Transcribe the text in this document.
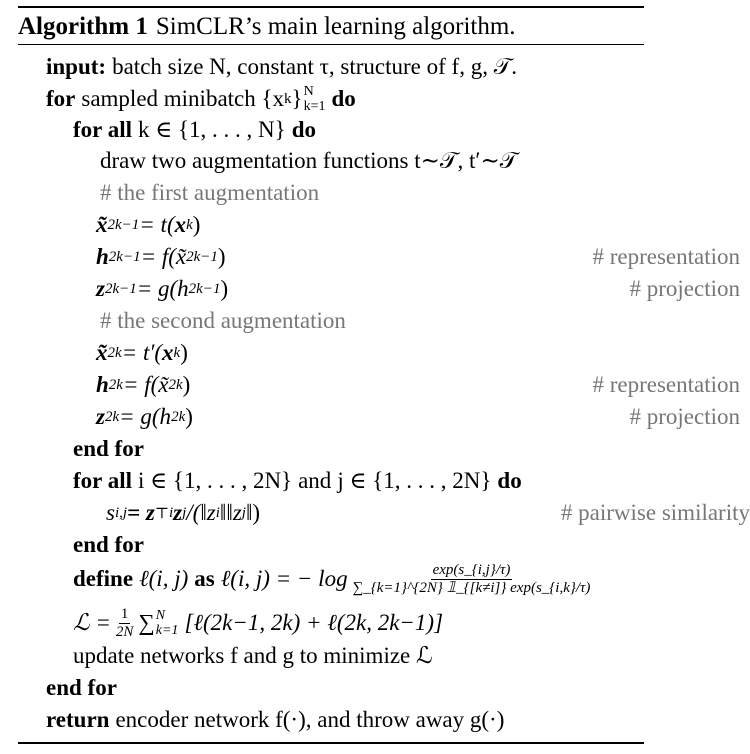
Algorithm 1 SimCLR’s main learning algorithm.
input: batch size N, constant τ, structure of f, g, 𝒯.
for sampled minibatch {x k } N
k=1 do
for all k ∈ {1, . . . , N} do
draw two augmentation functions t∼𝒯, t′∼𝒯
# the first augmentation
x̃ 2k−1 = t( x k )
h 2k−1 = f(x̃ 2k−1 )	# representation
z 2k−1 = g(h 2k−1 )	# projection
# the second augmentation
x̃ 2k = t′( x k )
h 2k = f(x̃ 2k )	# representation
z 2k = g(h 2k )	# projection
end for
for all i ∈ {1, . . . , 2N} and j ∈ {1, . . . , 2N} do
s i,j = z ⊤ i z j /(‖z i ‖‖z j ‖)	# pairwise similarity
end for
define ℓ(i, j) as ℓ(i, j) = − $\log \frac{\exp(s\_\{i,j\}/\tau)}{\sum\_\{k=1\}\^{}\{2N\} 𝟙\_\{[k\ne i]\} \exp(s\_\{i,k\}/\tau)}$
ℒ = $\frac{1}{2N}$ ∑ N
k=1 [ℓ(2k−1, 2k) + ℓ(2k, 2k−1)]
update networks f and g to minimize ℒ
end for
return encoder network f(·), and throw away g(·)
